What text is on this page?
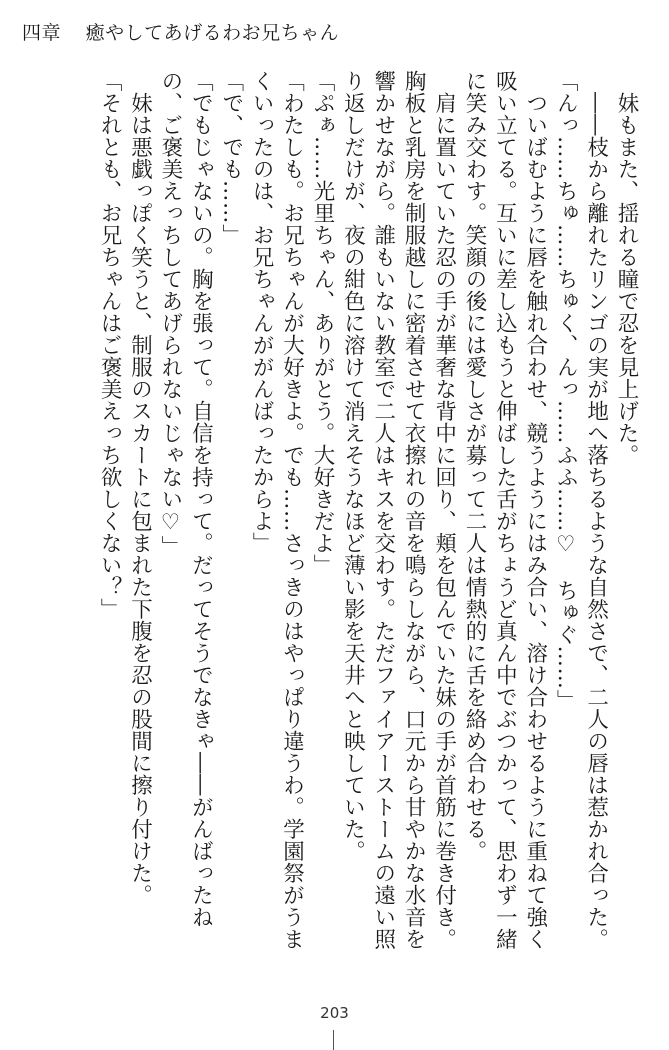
四章 癒やしてあげるわお兄ちゃん

　妹もまた、揺れる瞳で忍を見上げた。

　――枝から離れたリンゴの実が地へ落ちるような自然さで、二人の唇は惹かれ合った。

「んっ……ちゅ……ちゅく、んっ……ふふ……♡　ちゅぐ……」

　ついばむように唇を触れ合わせ、競うようにはみ合い、溶け合わせるように重ねて強く

吸い立てる。互いに差し込もうと伸ばした舌がちょうど真ん中でぶつかって、思わず一緒

に笑み交わす。笑顔の後には愛しさが募って二人は情熱的に舌を絡め合わせる。

　肩に置いていた忍の手が華奢な背中に回り、頬を包んでいた妹の手が首筋に巻き付き。

胸板と乳房を制服越しに密着させて衣擦れの音を鳴らしながら、口元から甘やかな水音を

響かせながら。誰もいない教室で二人はキスを交わす。ただファイアーストームの遠い照

り返しだけが、夜の紺色に溶けて消えそうなほど薄い影を天井へと映していた。

「ぷぁ……光里ちゃん、ありがとう。大好きだよ」

「わたしも。お兄ちゃんが大好きよ。でも……さっきのはやっぱり違うわ。学園祭がうま

くいったのは、お兄ちゃんががんばったからよ」

「で、でも……」

「でもじゃないの。胸を張って。自信を持って。だってそうでなきゃ――がんばったね

の、ご褒美えっちしてあげられないじゃない♡」

　妹は悪戯っぽく笑うと、制服のスカートに包まれた下腹を忍の股間に擦り付けた。

「それとも、お兄ちゃんはご褒美えっち欲しくない？」

203
